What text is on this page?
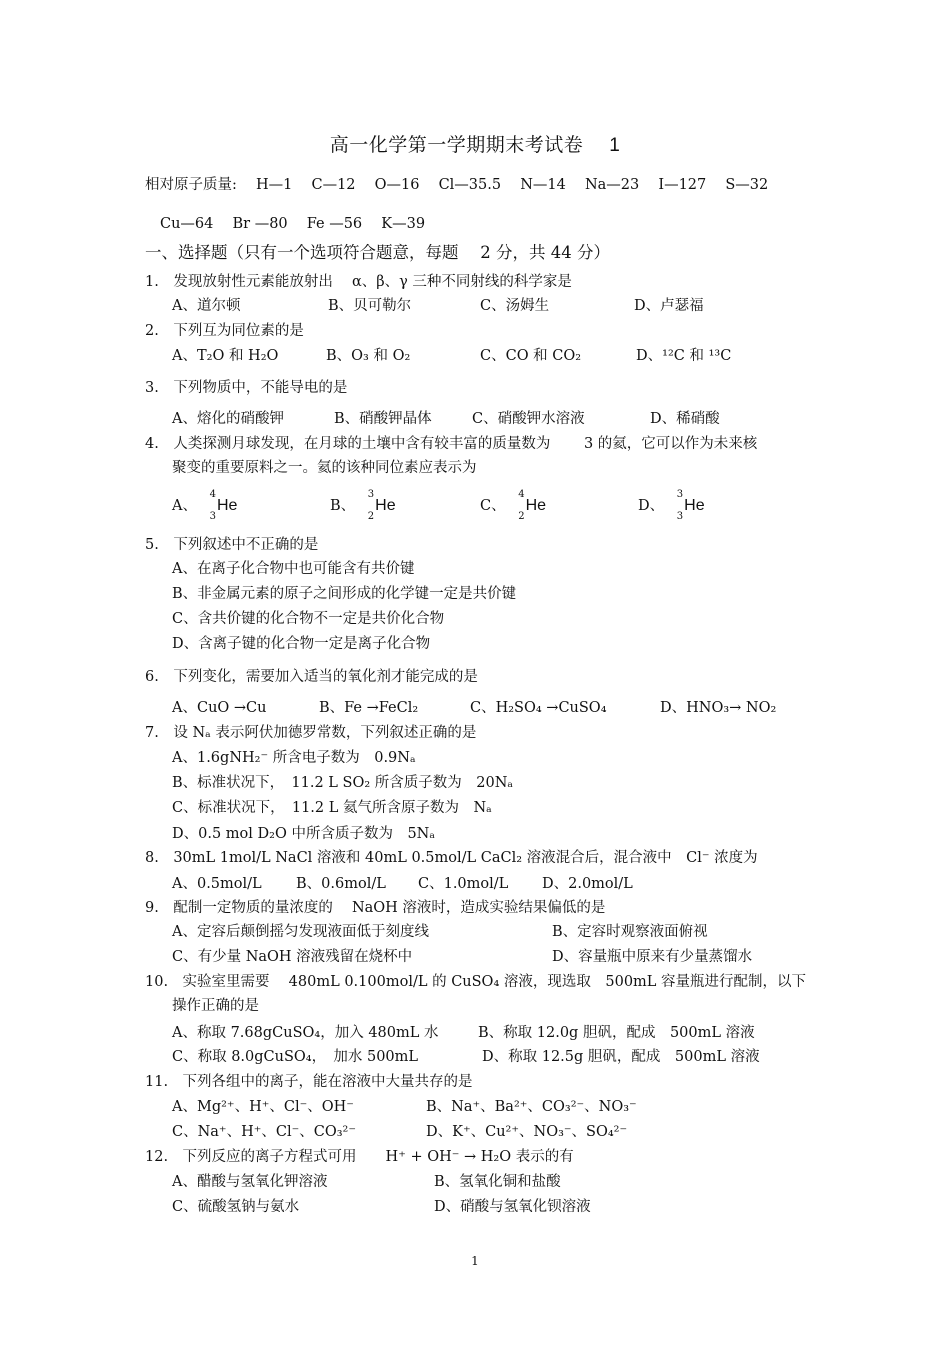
高一化学第一学期期末考试卷 1
相对原子质量:　 H—1　 C—12　 O—16　 Cl—35.5　 N—14　 Na—23　 I—127　 S—32
Cu—64　 Br —80　 Fe —56　 K—39
一、选择题（只有一个选项符合题意，每题　 2 分，共 44 分）
1.　发现放射性元素能放射出　 α、β、γ 三种不同射线的科学家是
A、道尔顿	B、贝可勒尔	C、汤姆生	D、卢瑟福
2.　下列互为同位素的是
A、T₂O 和 H₂O	B、O₃ 和 O₂	C、CO 和 CO₂	D、¹²C 和 ¹³C
3.　下列物质中，不能导电的是
A、熔化的硝酸钾	B、硝酸钾晶体	C、硝酸钾水溶液	D、稀硝酸
4.　人类探测月球发现，在月球的土壤中含有较丰富的质量数为　　 3 的氦，它可以作为未来核
聚变的重要原料之一。氦的该种同位素应表示为
A、
4
3
He	B、
3
2
He	C、
4
2
He	D、
3
3
He
5.　下列叙述中不正确的是
A、在离子化合物中也可能含有共价键
B、非金属元素的原子之间形成的化学键一定是共价键
C、含共价键的化合物不一定是共价化合物
D、含离子键的化合物一定是离子化合物
6.　下列变化，需要加入适当的氧化剂才能完成的是
A、CuO →Cu	B、Fe →FeCl₂	C、H₂SO₄ →CuSO₄	D、HNO₃→ NO₂
7.　设 Nₐ 表示阿伏加德罗常数，下列叙述正确的是
A、1.6gNH₂⁻ 所含电子数为　0.9Nₐ
B、标准状况下，　11.2 L SO₂ 所含质子数为　20Nₐ
C、标准状况下，　11.2 L 氦气所含原子数为　Nₐ
D、0.5 mol D₂O 中所含质子数为　5Nₐ
8.　30mL 1mol/L NaCl 溶液和 40mL 0.5mol/L CaCl₂ 溶液混合后，混合液中　Cl⁻ 浓度为
A、0.5mol/L B、0.6mol/L C、1.0mol/L D、2.0mol/L
9.　配制一定物质的量浓度的　 NaOH 溶液时，造成实验结果偏低的是
A、定容后颠倒摇匀发现液面低于刻度线	B、定容时观察液面俯视
C、有少量 NaOH 溶液残留在烧杯中	D、容量瓶中原来有少量蒸馏水
10.　实验室里需要　 480mL 0.100mol/L 的 CuSO₄ 溶液，现选取　500mL 容量瓶进行配制，以下
操作正确的是
A、称取 7.68gCuSO₄，加入 480mL 水	B、称取 12.0g 胆矾，配成　500mL 溶液
C、称取 8.0gCuSO₄，　加水 500mL	D、称取 12.5g 胆矾，配成　500mL 溶液
11.　下列各组中的离子，能在溶液中大量共存的是
A、Mg²⁺、H⁺、Cl⁻、OH⁻	B、Na⁺、Ba²⁺、CO₃²⁻、NO₃⁻
C、Na⁺、H⁺、Cl⁻、CO₃²⁻	D、K⁺、Cu²⁺、NO₃⁻、SO₄²⁻
12.　下列反应的离子方程式可用　　H⁺ + OH⁻ → H₂O 表示的有
A、醋酸与氢氧化钾溶液	B、氢氧化铜和盐酸
C、硫酸氢钠与氨水	D、硝酸与氢氧化钡溶液
1
